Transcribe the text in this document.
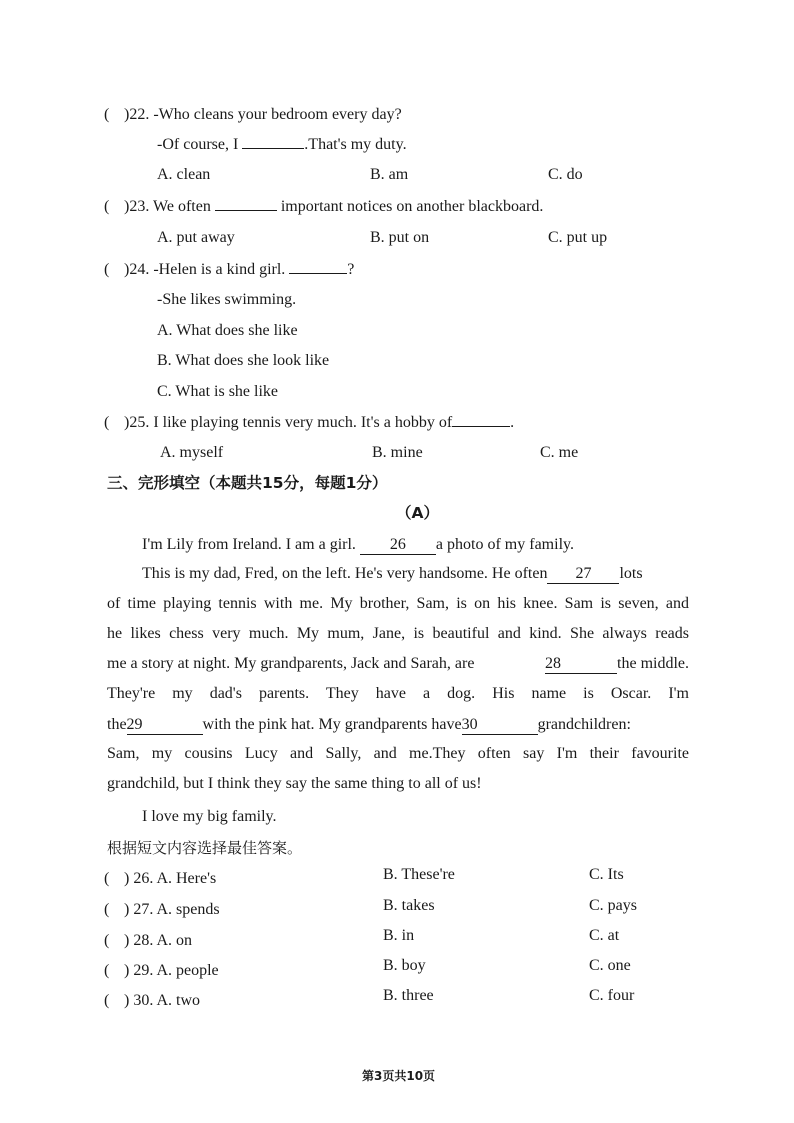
( )22. -Who cleans your bedroom every day?
-Of course, I	.That's my duty.
A. clean	B. am	C. do
( )23. We often	important notices on another blackboard.
A. put away	B. put on	C. put up
( )24. -Helen is a kind girl.	?
-She likes swimming.
A. What does she like
B. What does she look like
C. What is she like
( )25. I like playing tennis very much. It's a hobby of	.
A. myself	B. mine	C. me
三、完形填空（本题共15分，每题1分）
（A）
I'm Lily from Ireland. I am a girl. 26 a photo of my family.
This is my dad, Fred, on the left. He's very handsome. He often 27 lots
of time playing tennis with me. My brother, Sam, is on his knee. Sam is seven, and
he likes chess very much. My mum, Jane, is beautiful and kind. She always reads
me a story at night. My grandparents, Jack and Sarah, are	28	the middle.
They're my dad's parents. They have a dog. His name is Oscar. I'm
the29	with the pink hat. My grandparents have30	grandchildren:
Sam, my cousins Lucy and Sally, and me.They often say I'm their favourite
grandchild, but I think they say the same thing to all of us!
I love my big family.
根据短文内容选择最佳答案。
( ) 26. A. Here's	B. These're	C. Its
( ) 27. A. spends	B. takes	C. pays
( ) 28. A. on	B. in	C. at
( ) 29. A. people	B. boy	C. one
( ) 30. A. two	B. three	C. four
第3页共10页
